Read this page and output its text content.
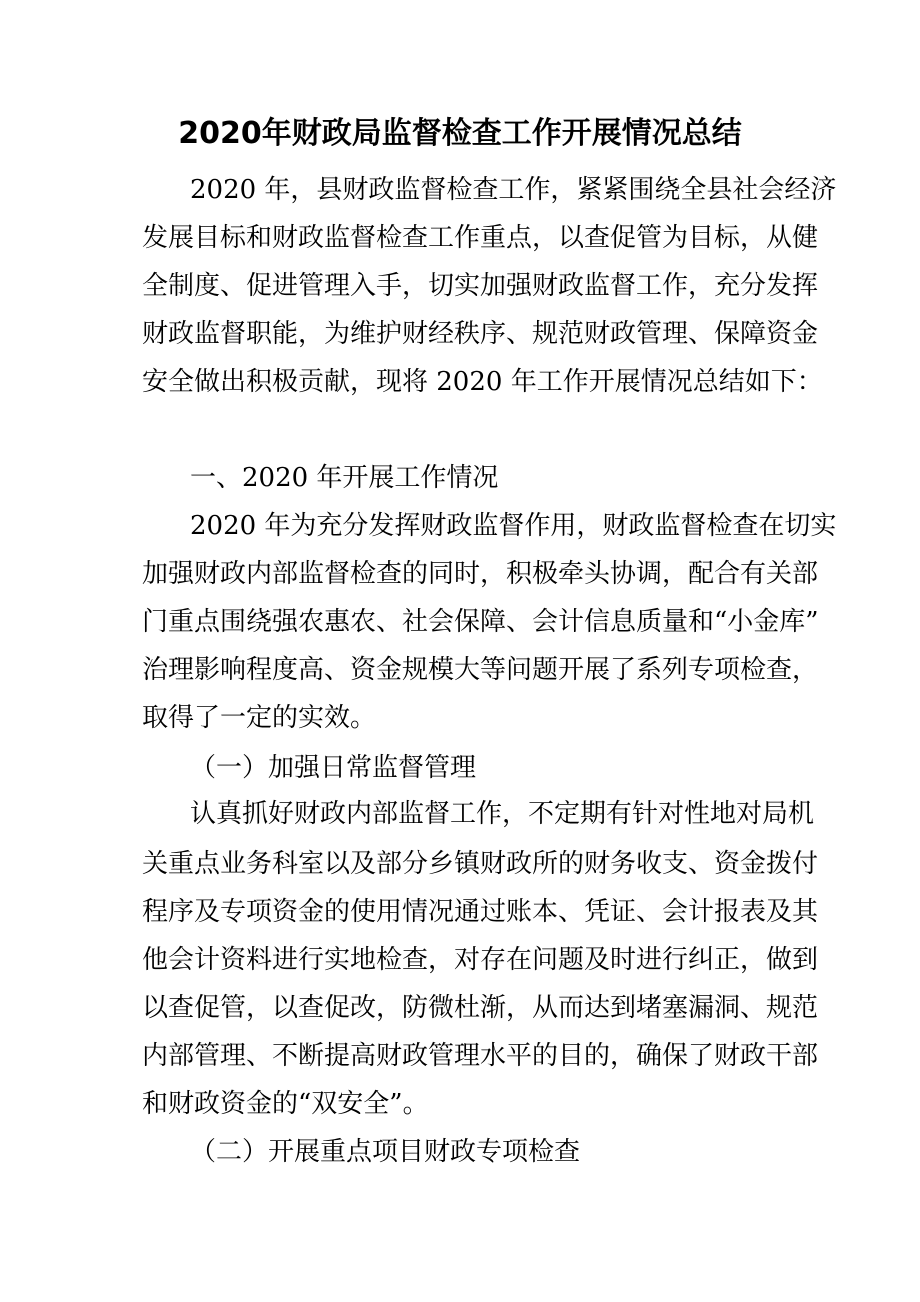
2020年财政局监督检查工作开展情况总结
2020 年，县财政监督检查工作，紧紧围绕全县社会经济
发展目标和财政监督检查工作重点，以查促管为目标，从健
全制度、促进管理入手，切实加强财政监督工作，充分发挥
财政监督职能，为维护财经秩序、规范财政管理、保障资金
安全做出积极贡献，现将 2020 年工作开展情况总结如下：
一、2020 年开展工作情况
2020 年为充分发挥财政监督作用，财政监督检查在切实
加强财政内部监督检查的同时，积极牵头协调，配合有关部
门重点围绕强农惠农、社会保障、会计信息质量和“小金库”
治理影响程度高、资金规模大等问题开展了系列专项检查，
取得了一定的实效。
（一）加强日常监督管理
认真抓好财政内部监督工作，不定期有针对性地对局机
关重点业务科室以及部分乡镇财政所的财务收支、资金拨付
程序及专项资金的使用情况通过账本、凭证、会计报表及其
他会计资料进行实地检查，对存在问题及时进行纠正，做到
以查促管，以查促改，防微杜渐，从而达到堵塞漏洞、规范
内部管理、不断提高财政管理水平的目的，确保了财政干部
和财政资金的“双安全”。
（二）开展重点项目财政专项检查
